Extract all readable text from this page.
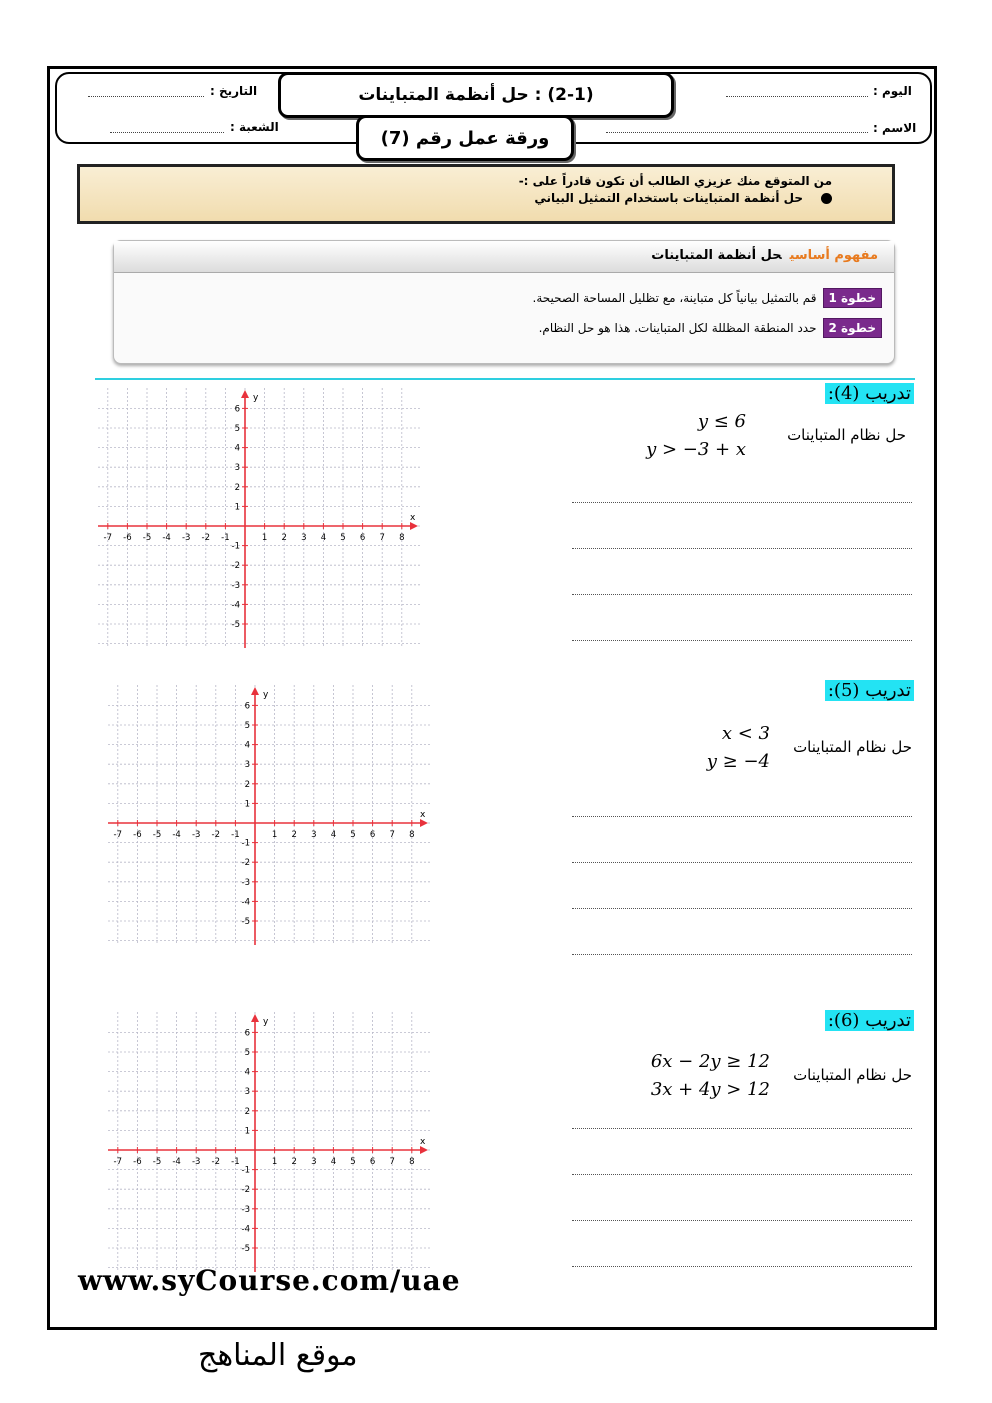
اليوم :
الاسم :
التاريخ :
الشعبة :
(2-1) : حل أنظمة المتباينات
ورقة عمل رقم (7)
من المتوقع منك عزيزي الطالب أن تكون قادراً على :-
حل أنظمة المتباينات باستخدام التمثيل البياني
مفهوم أساسيحل أنظمة المتباينات
خطوة 1
قم بالتمثيل بيانياً كل متباينة، مع تظليل المساحة الصحيحة.
خطوة 2
حدد المنطقة المظللة لكل المتباينات. هذا هو حل النظام.
تدريب (4):
حل نظام المتباينات
y ≤ 6
y > −3 + x
x
y
-7 -6 -5 -4 -3 -2 -1	1 2 3 4 5 6 7 8
6
5
4
3
2
1
-1
-2
-3
-4
-5
تدريب (5):
حل نظام المتباينات
x < 3
y ≥ −4
x
y
-7 -6 -5 -4 -3 -2 -1	1 2 3 4 5 6 7 8
6
5
4
3
2
1
-1
-2
-3
-4
-5
تدريب (6):
حل نظام المتباينات
6x − 2y ≥ 12
3x + 4y > 12
x
y
-7 -6 -5 -4 -3 -2 -1	1 2 3 4 5 6 7 8
6
5
4
3
2
1
-1
-2
-3
-4
-5
www.syCourse.com/uae
موقع المناهج
